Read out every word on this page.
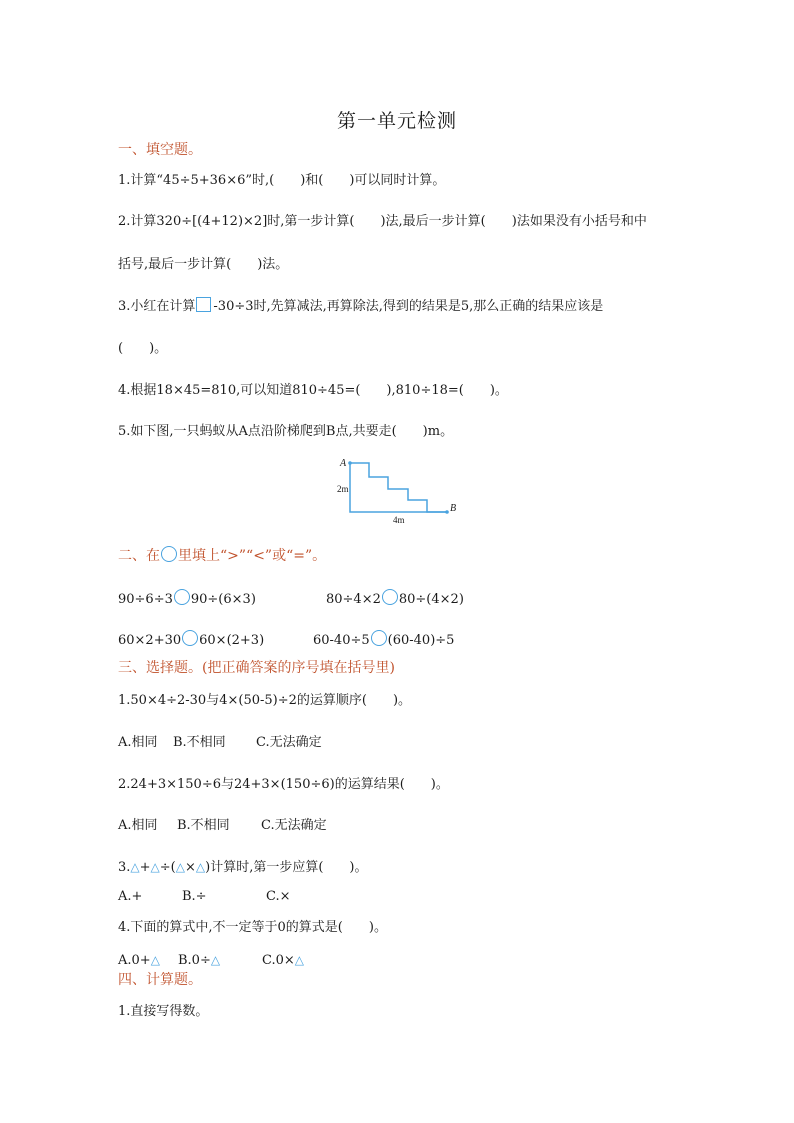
第一单元检测
一、填空题。
1.计算“45÷5+36×6”时,(　　)和(　　)可以同时计算。
2.计算320÷[(4+12)×2]时,第一步计算(　　)法,最后一步计算(　　)法如果没有小括号和中
括号,最后一步计算(　　)法。
3.小红在计算 -30÷3时,先算减法,再算除法,得到的结果是5,那么正确的结果应该是
(　　)。
4.根据18×45=810,可以知道810÷45=(　　),810÷18=(　　)。
5.如下图,一只蚂蚁从A点沿阶梯爬到B点,共要走(　　)m。
A
B
2m
4m
二、在 里填上“>”“<”或“=”。
90÷6÷3 90÷(6×3)	80÷4×2 80÷(4×2)
60×2+30 60×(2+3)	60-40÷5 (60-40)÷5
三、选择题。(把正确答案的序号填在括号里)
1.50×4÷2-30与4×(50-5)÷2的运算顺序(　　)。
A.相同 B.不相同 C.无法确定
2.24+3×150÷6与24+3×(150÷6)的运算结果(　　)。
A.相同 B.不相同 C.无法确定
3.△+△÷(△×△)计算时,第一步应算(　　)。
A.+	B.÷	C.×
4.下面的算式中,不一定等于0的算式是(　　)。
A.0+△ B.0÷△	C.0×△
四、计算题。
1.直接写得数。
